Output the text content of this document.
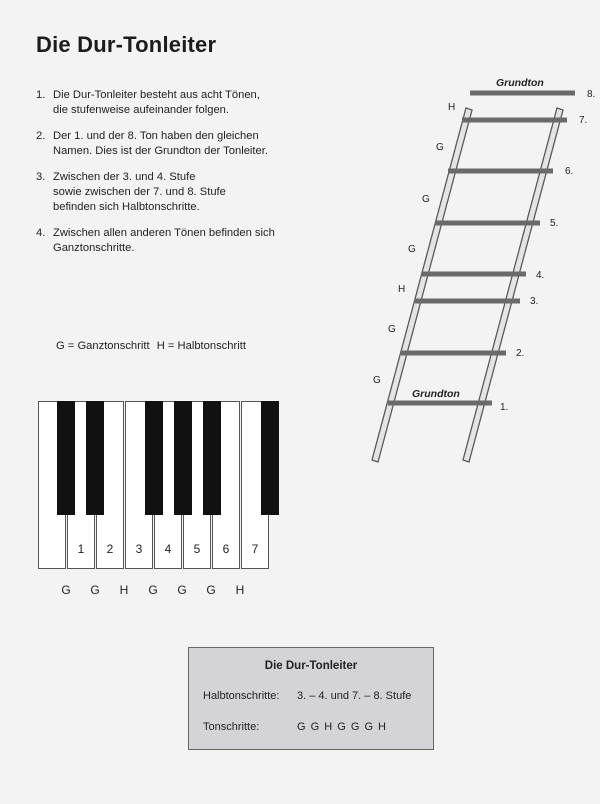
Die Dur-Tonleiter
1. Die Dur-Tonleiter besteht aus acht Tönen,
die stufenweise aufeinander folgen.
2. Der 1. und der 8. Ton haben den gleichen
Namen. Dies ist der Grundton der Tonleiter.
3. Zwischen der 3. und 4. Stufe
sowie zwischen der 7. und 8. Stufe
befinden sich Halbtonschritte.
4. Zwischen allen anderen Tönen befinden sich
Ganztonschritte.
G = Ganztonschritt H = Halbtonschritt
1	2	3	4	5	6	7
G	G	H	G	G	G	H
1.
2.
3.
4.
5.
6.
7.
8.
G
G
H
G
G
G
H
Grundton
Grundton
Die Dur-Tonleiter
Halbtonschritte: 3. – 4. und 7. – 8. Stufe
Tonschritte:	G G H G G G H
